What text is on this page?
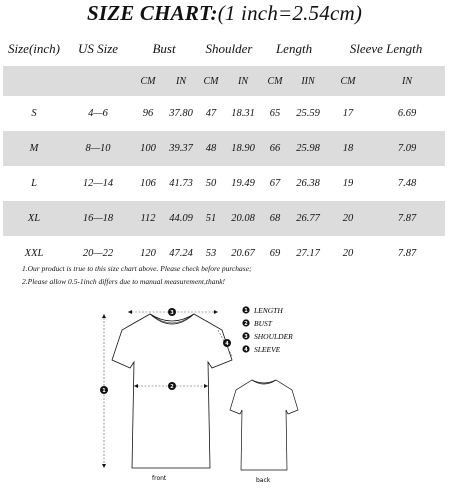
SIZE CHART:(1 inch=2.54cm)
Size(inch)	US Size	Bust		Shoulder		Length		Sleeve Length	
		CM	IN	CM	IN	CM	IIN	CM	IN
S	4—6	96	37.80	47	18.31	65	25.59	17	6.69
M	8—10	100	39.37	48	18.90	66	25.98	18	7.09
L	12—14	106	41.73	50	19.49	67	26.38	19	7.48
XL	16—18	112	44.09	51	20.08	68	26.77	20	7.87
XXL	20—22	120	47.24	53	20.67	69	27.17	20	7.87
1.Our product is true to this size chart above. Please check before purchase;
2.Please allow 0.5-1inch differs due to manual measurement,thank!
3
1
2
4
front	back
1 LENGTH
2 BUST
3 SHOULDER
4 SLEEVE
